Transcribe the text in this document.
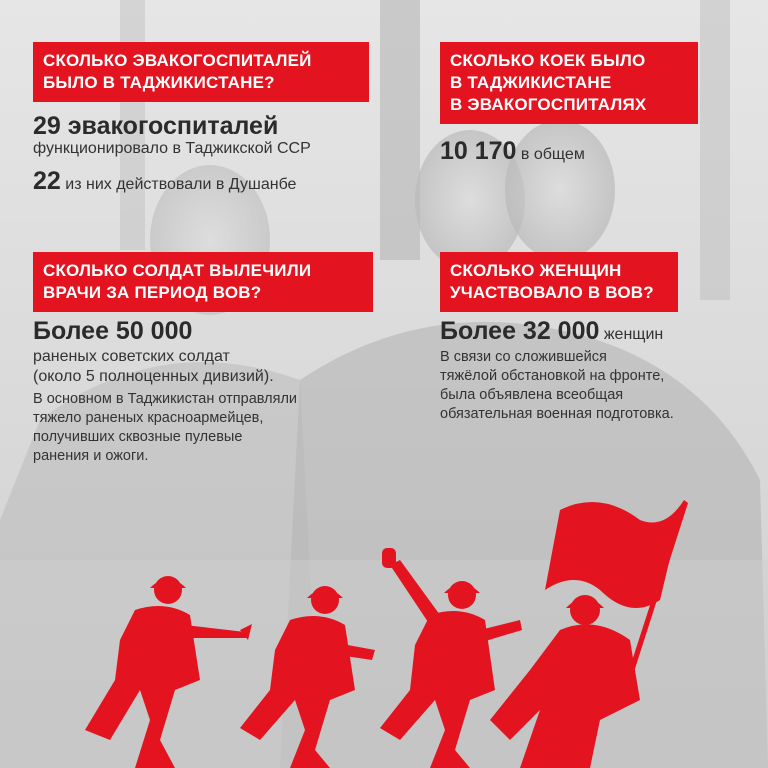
СКОЛЬКО ЭВАКОГОСПИТАЛЕЙ
БЫЛО В ТАДЖИКИСТАНЕ?
29 эвакогоспиталей
функционировало в Таджикской ССР
22 из них действовали в Душанбе
СКОЛЬКО КОЕК БЫЛО
В ТАДЖИКИСТАНЕ
В ЭВАКОГОСПИТАЛЯХ
10 170 в общем
СКОЛЬКО СОЛДАТ ВЫЛЕЧИЛИ
ВРАЧИ ЗА ПЕРИОД ВОВ?
Более 50 000
раненых советских солдат
(около 5 полноценных дивизий).
В основном в Таджикистан отправляли
тяжело раненых красноармейцев,
получивших сквозные пулевые
ранения и ожоги.
СКОЛЬКО ЖЕНЩИН
УЧАСТВОВАЛО В ВОВ?
Более 32 000 женщин
В связи со сложившейся
тяжёлой обстановкой на фронте,
была объявлена всеобщая
обязательная военная подготовка.
